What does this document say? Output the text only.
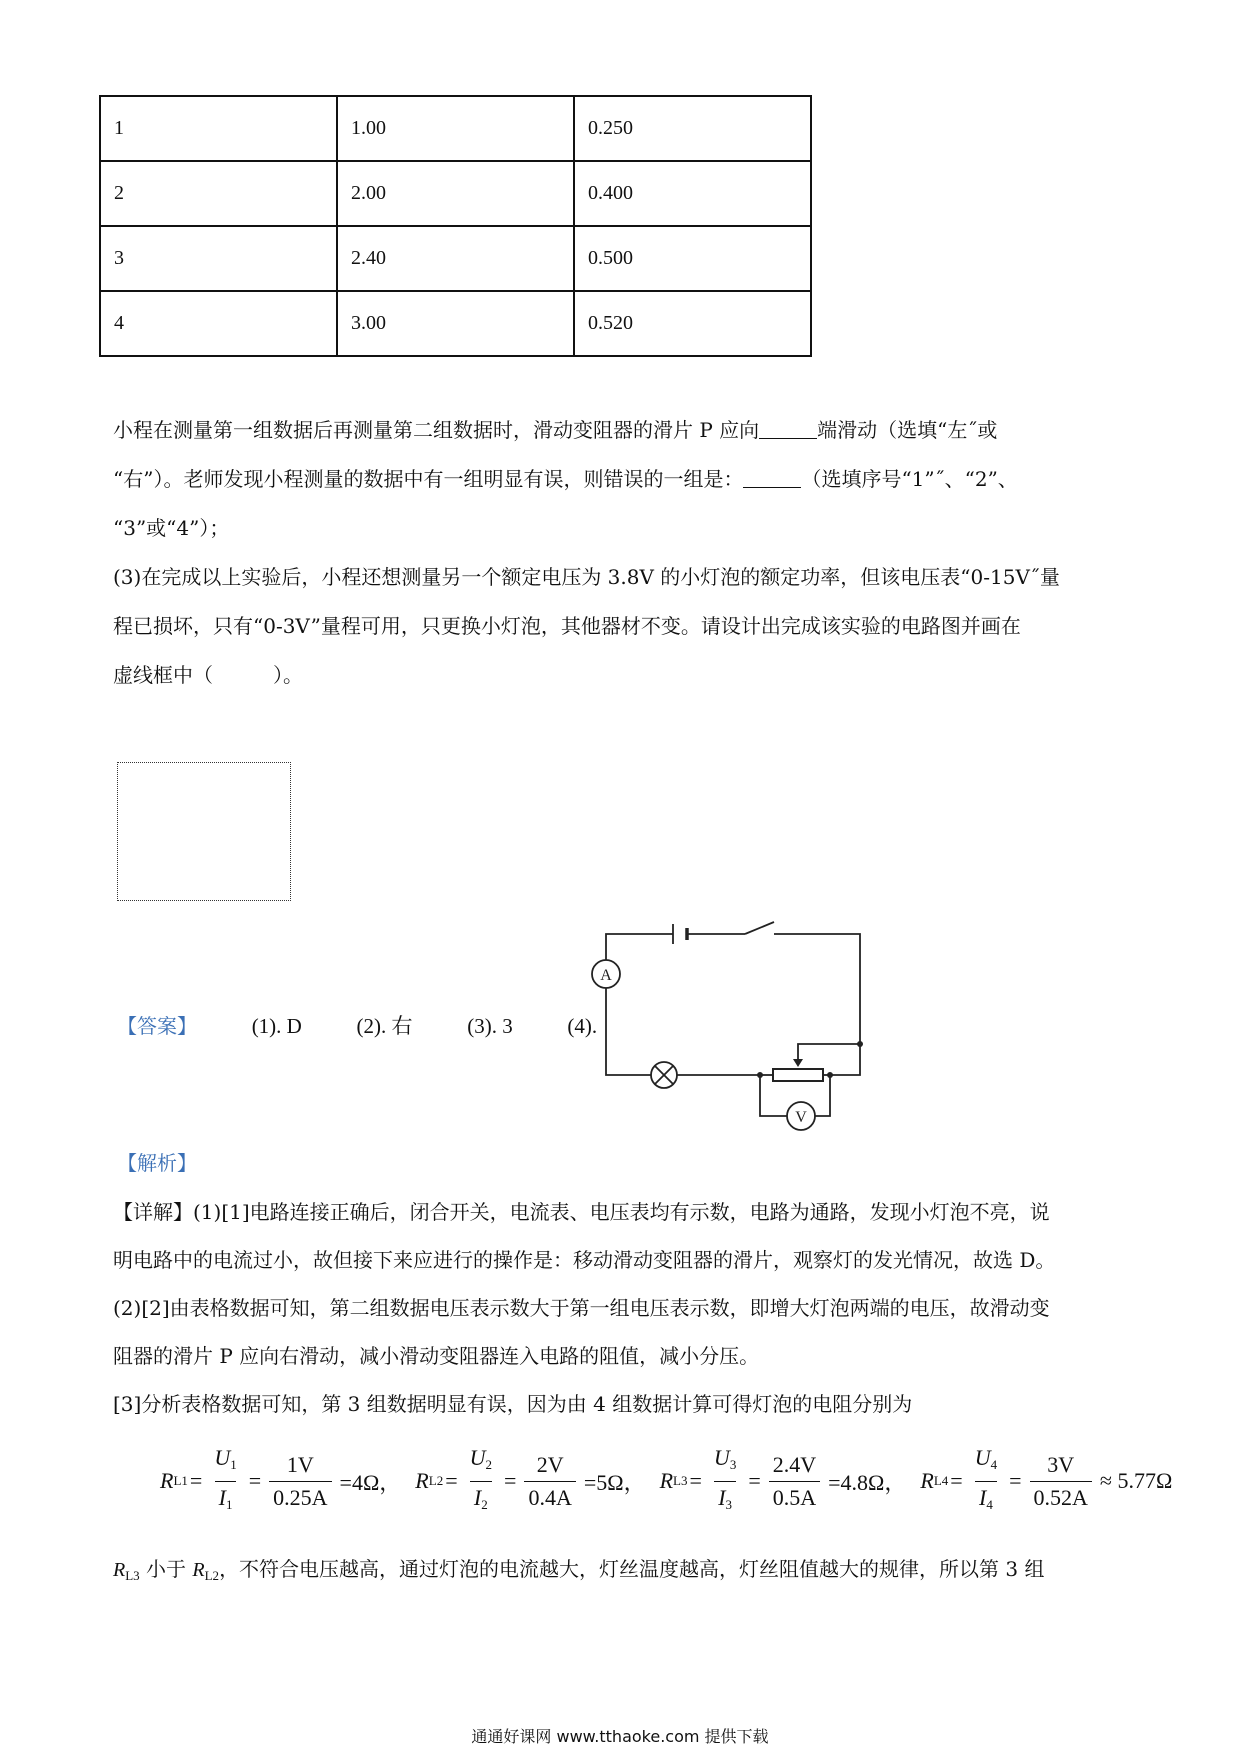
1	1.00	0.250
2	2.00	0.400
3	2.40	0.500
4	3.00	0.520

小程在测量第一组数据后再测量第二组数据时，滑动变阻器的滑片 P 应向	端滑动（选填“左˝或

“右”）。老师发现小程测量的数据中有一组明显有误，则错误的一组是：	（选填序号“1”˝、“2”、

“3”或“4”）；

(3)在完成以上实验后，小程还想测量另一个额定电压为 3.8V 的小灯泡的额定功率，但该电压表“0-15V˝量

程已损坏，只有“0-3V”量程可用，只更换小灯泡，其他器材不变。请设计出完成该实验的电路图并画在

虚线框中（	）。

【答案】	(1). D	(2). 右	(3). 3	(4).
A
V
【解析】

【详解】(1)[1]电路连接正确后，闭合开关，电流表、电压表均有示数，电路为通路，发现小灯泡不亮，说

明电路中的电流过小，故但接下来应进行的操作是：移动滑动变阻器的滑片，观察灯的发光情况，故选 D。

(2)[2]由表格数据可知，第二组数据电压表示数大于第一组电压表示数，即增大灯泡两端的电压，故滑动变

阻器的滑片 P 应向右滑动，减小滑动变阻器连入电路的阻值，减小分压。

[3]分析表格数据可知，第 3 组数据明显有误，因为由 4 组数据计算可得灯泡的电阻分别为

R $L1 = \frac{U_1}{I_1} = \frac{1V}{0.25A} =4\Omega$， R $L2 = \frac{U_2}{I_2} = \frac{2V}{0.4A} =5\Omega$， R $L3 = \frac{U_3}{I_3} = \frac{2.4V}{0.5A} =4.8\Omega$， R $L4 = \frac{U_4}{I_4} = \frac{3V}{0.52A} \approx 5.77\Omega$
$R_{L3}$ 小于 $R_{L2}$，不符合电压越高，通过灯泡的电流越大，灯丝温度越高，灯丝阻值越大的规律，所以第 3 组
通通好课网 www.tthaoke.com 提供下载
